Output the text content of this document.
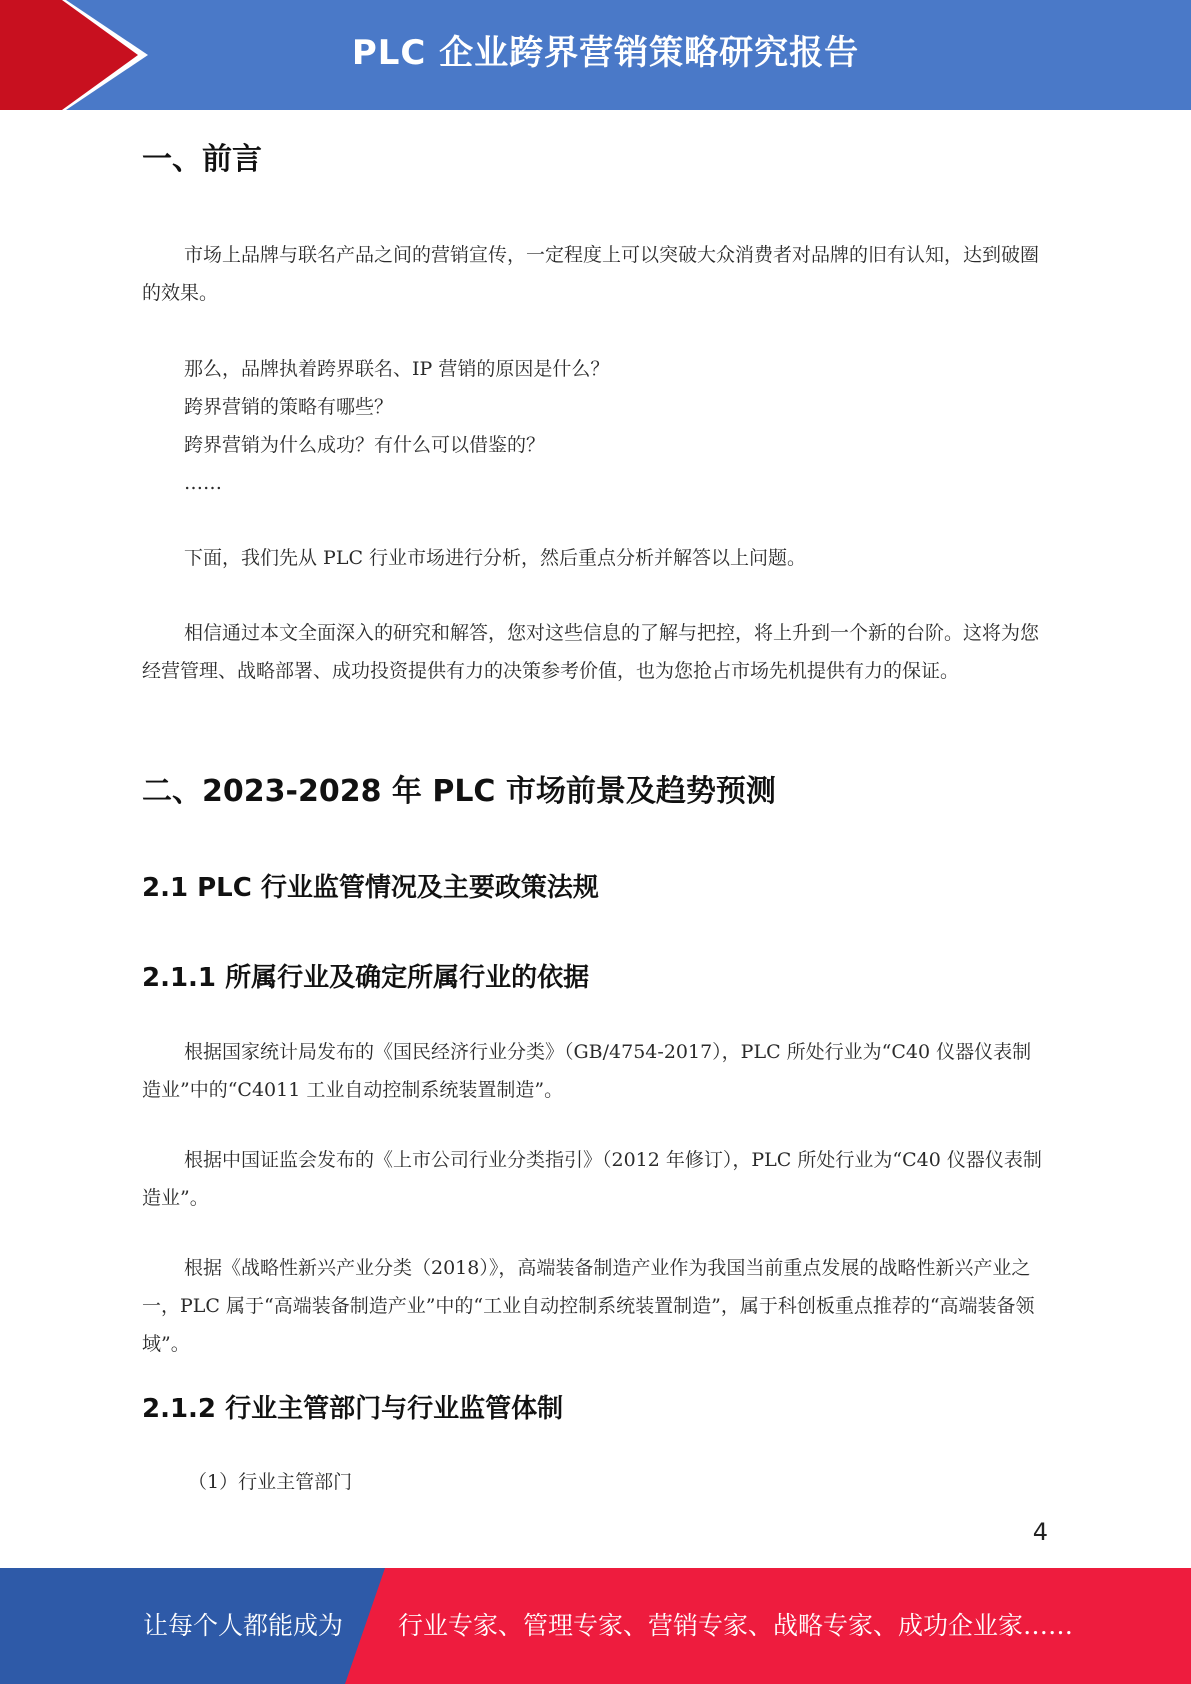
PLC 企业跨界营销策略研究报告
一、前言

市场上品牌与联名产品之间的营销宣传，一定程度上可以突破大众消费者对品牌的旧有认知，达到破圈的效果。

那么，品牌执着跨界联名、IP 营销的原因是什么？

跨界营销的策略有哪些？

跨界营销为什么成功？有什么可以借鉴的？

……

下面，我们先从 PLC 行业市场进行分析，然后重点分析并解答以上问题。

相信通过本文全面深入的研究和解答，您对这些信息的了解与把控，将上升到一个新的台阶。这将为您经营管理、战略部署、成功投资提供有力的决策参考价值，也为您抢占市场先机提供有力的保证。

二、2023-2028 年 PLC 市场前景及趋势预测
2.1 PLC 行业监管情况及主要政策法规
2.1.1 所属行业及确定所属行业的依据

根据国家统计局发布的《国民经济行业分类》（GB/4754-2017），PLC 所处行业为“C40 仪器仪表制造业”中的“C4011 工业自动控制系统装置制造”。

根据中国证监会发布的《上市公司行业分类指引》（2012 年修订），PLC 所处行业为“C40 仪器仪表制造业”。

根据《战略性新兴产业分类（2018）》，高端装备制造产业作为我国当前重点发展的战略性新兴产业之一，PLC 属于“高端装备制造产业”中的“工业自动控制系统装置制造”，属于科创板重点推荐的“高端装备领域”。

2.1.2 行业主管部门与行业监管体制

（1）行业主管部门

4
让每个人都能成为 行业专家、管理专家、营销专家、战略专家、成功企业家……
